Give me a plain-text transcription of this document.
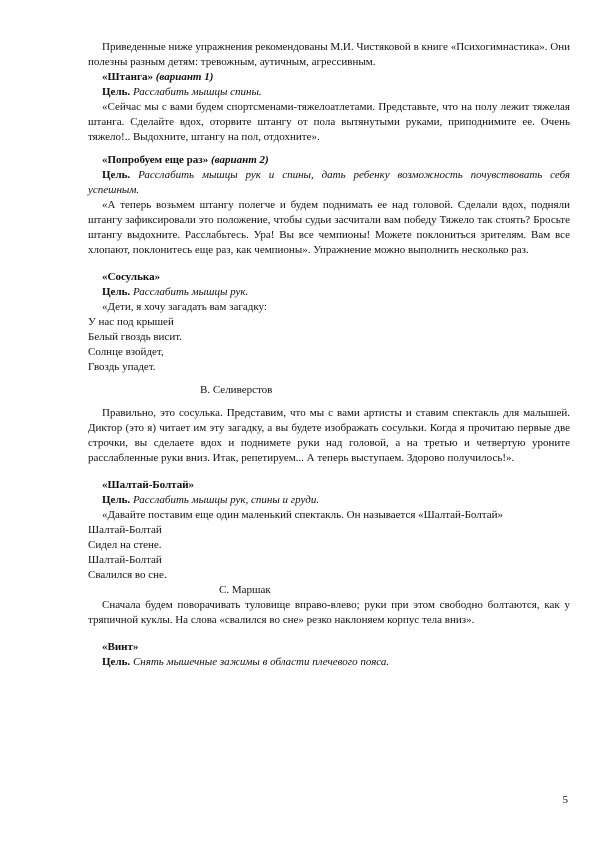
Приведенные ниже упражнения рекомендованы М.И. Чистяковой в книге «Психогимнастика». Они полезны разным детям: тревожным, аутичным, агрессивным.

«Штанга» (вариант 1)

Цель. Расслабить мышцы спины.

«Сейчас мы с вами будем спортсменами-тяжелоатлетами. Представьте, что на полу лежит тяжелая штанга. Сделайте вдох, оторвите штангу от пола вытянутыми руками, приподнимите ее. Очень тяжело!.. Выдохните, штангу на пол, отдохните».

«Попробуем еще раз» (вариант 2)

Цель. Расслабить мышцы рук и спины, дать ребенку возможность почувствовать себя успешным.

«А теперь возьмем штангу полегче и будем поднимать ее над головой. Сделали вдох, подняли штангу зафиксировали это положение, чтобы судьи засчитали вам победу Тяжело так стоять? Бросьте штангу выдохните. Расслабьтесь. Ура! Вы все чемпионы! Можете поклониться зрителям. Вам все хлопают, поклонитесь еще раз, как чемпионы». Упражнение можно выполнить несколько раз.

«Сосулька»

Цель. Расслабить мышцы рук.

«Дети, я хочу загадать вам загадку:

У нас под крышей

Белый гвоздь висит.

Солнце взойдет,

Гвоздь упадет.

В. Селиверстов

Правильно, это сосулька. Представим, что мы с вами артисты и ставим спектакль для малышей. Диктор (это я) читает им эту загадку, а вы будете изображать сосульки. Когда я прочитаю первые две строчки, вы сделаете вдох и поднимете руки над головой, а на третью и четвертую уроните расслабленные руки вниз. Итак, репетируем... А теперь выступаем. Здорово получилось!».

«Шалтай-Болтай»

Цель. Расслабить мышцы рук, спины и груди.

«Давайте поставим еще один маленький спектакль. Он называется «Шалтай-Болтай»

Шалтай-Болтай

Сидел на стене.

Шалтай-Болтай

Свалился во сне.

С. Маршак

Сначала будем поворачивать туловище вправо-влево; руки при этом свободно болтаются, как у тряпичной куклы. На слова «свалился во сне» резко наклоняем корпус тела вниз».

«Винт»

Цель. Снять мышечные зажимы в области плечевого пояса.

5
